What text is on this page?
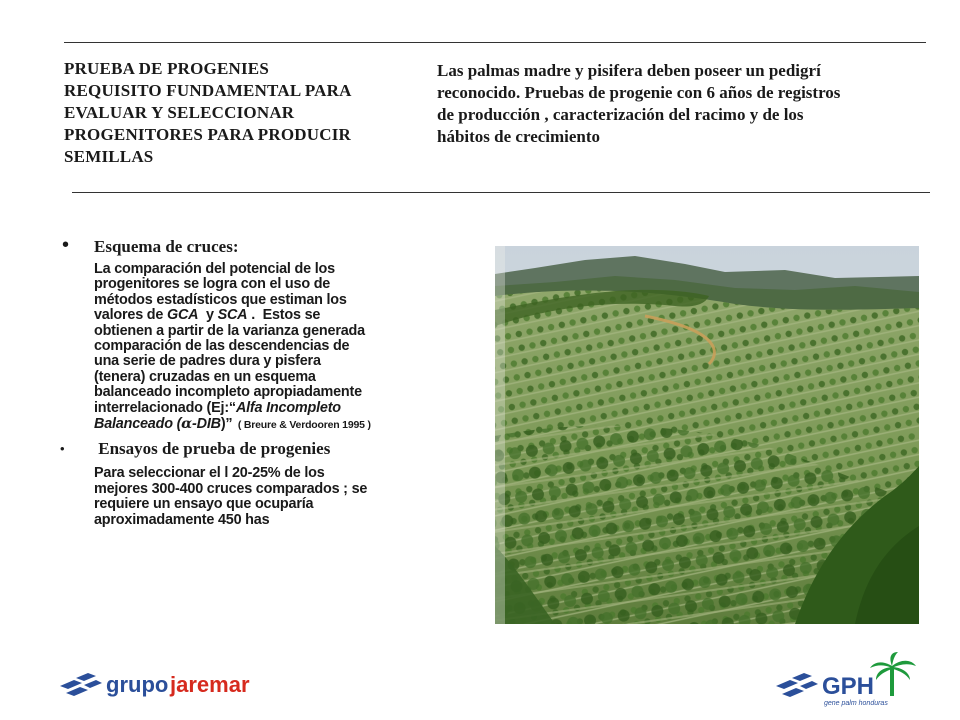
PRUEBA DE PROGENIES
REQUISITO FUNDAMENTAL PARA
EVALUAR Y SELECCIONAR
PROGENITORES PARA PRODUCIR
SEMILLAS
Las palmas madre y pisifera deben poseer un pedigrí
reconocido. Pruebas de progenie con 6 años de registros
de producción , caracterización del racimo y de los
hábitos de crecimiento
• Esquema de cruces:
La comparación del potencial de los
progenitores se logra con el uso de
métodos estadísticos que estiman los
valores de GCA  y SCA .  Estos se
obtienen a partir de la varianza generada
comparación de las descendencias de
una serie de padres dura y pisfera
(tenera) cruzadas en un esquema
balanceado incompleto apropiadamente
interrelacionado (Ej:“Alfa Incompleto
Balanceado (α-DIB)”  ( Breure & Verdooren 1995 )
• Ensayos de prueba de progenies
Para seleccionar el l 20-25% de los
mejores 300-400 cruces comparados ; se
requiere un ensayo que ocuparía
aproximadamente 450 has
grupo jaremar	GPH
gene palm honduras
